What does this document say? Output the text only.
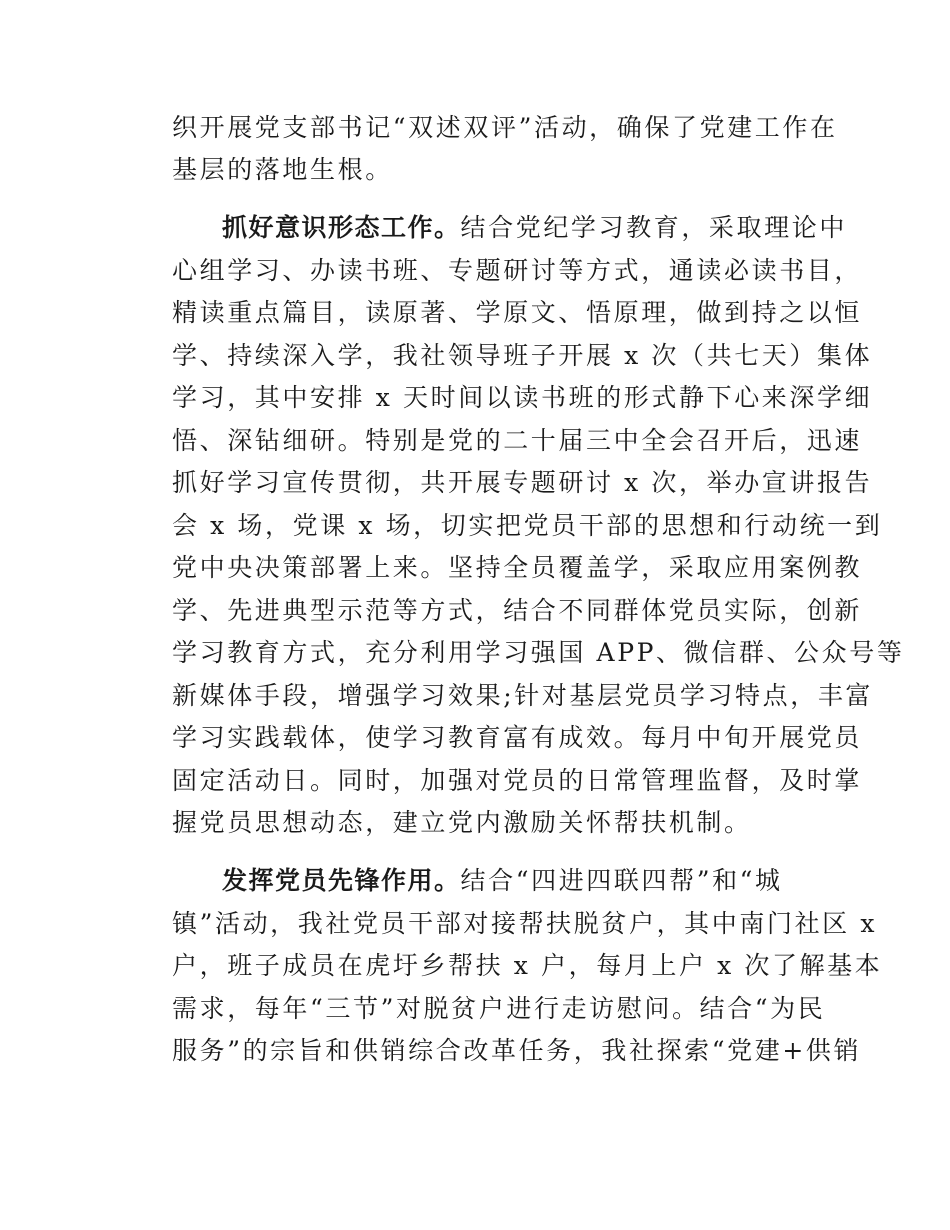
织开展党支部书记“双述双评”活动，确保了党建工作在
基层的落地生根。
抓好意识形态工作。结合党纪学习教育，采取理论中
心组学习、办读书班、专题研讨等方式，通读必读书目，
精读重点篇目，读原著、学原文、悟原理，做到持之以恒
学、持续深入学，我社领导班子开展 x 次（共七天）集体
学习，其中安排 x 天时间以读书班的形式静下心来深学细
悟、深钻细研。特别是党的二十届三中全会召开后，迅速
抓好学习宣传贯彻，共开展专题研讨 x 次，举办宣讲报告
会 x 场，党课 x 场，切实把党员干部的思想和行动统一到
党中央决策部署上来。坚持全员覆盖学，采取应用案例教
学、先进典型示范等方式，结合不同群体党员实际，创新
学习教育方式，充分利用学习强国 APP、微信群、公众号等
新媒体手段，增强学习效果;针对基层党员学习特点，丰富
学习实践载体，使学习教育富有成效。每月中旬开展党员
固定活动日。同时，加强对党员的日常管理监督，及时掌
握党员思想动态，建立党内激励关怀帮扶机制。
发挥党员先锋作用。结合“四进四联四帮”和“城
镇”活动，我社党员干部对接帮扶脱贫户，其中南门社区 x
户，班子成员在虎圩乡帮扶 x 户，每月上户 x 次了解基本
需求，每年“三节”对脱贫户进行走访慰问。结合“为民
服务”的宗旨和供销综合改革任务，我社探索“党建+供销
